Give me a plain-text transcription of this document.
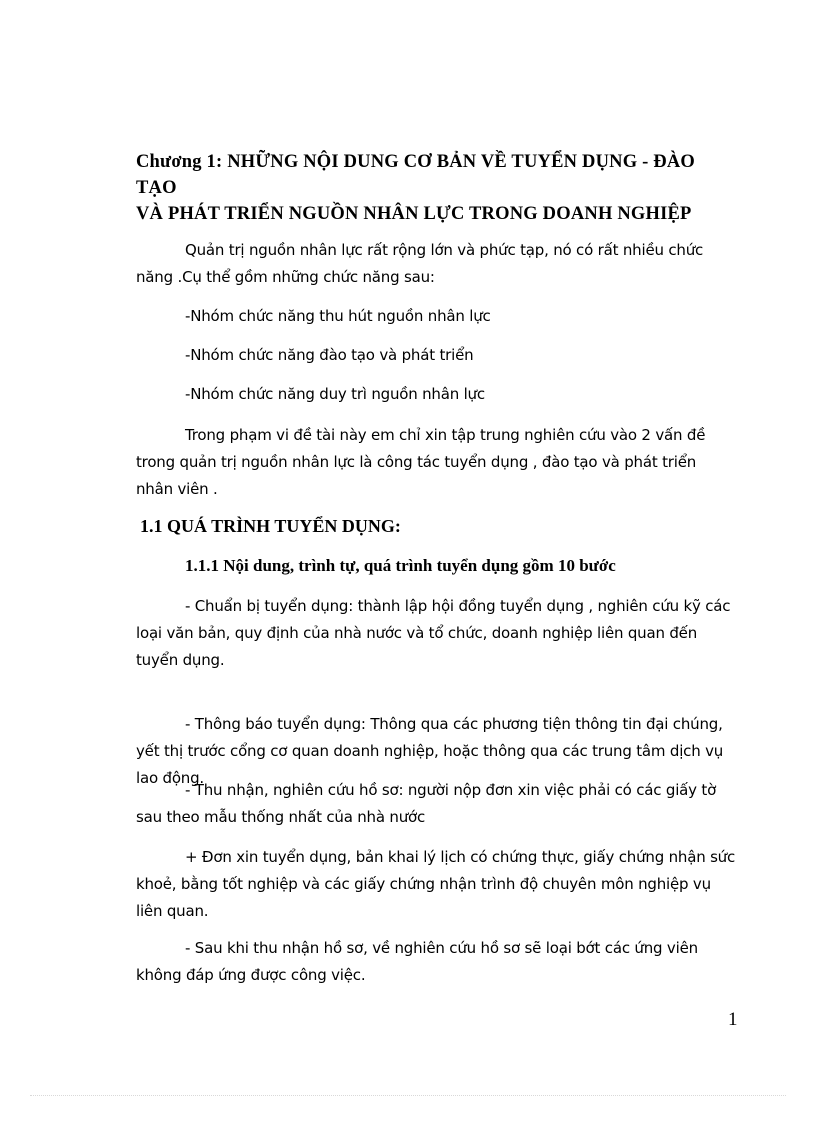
Chương 1: NHỮNG NỘI DUNG CƠ BẢN VỀ TUYỂN DỤNG - ĐÀO TẠO
VÀ PHÁT TRIỂN NGUỒN NHÂN LỰC TRONG DOANH NGHIỆP

Quản trị nguồn nhân lực rất rộng lớn và phức tạp, nó có rất nhiều chức năng .Cụ thể gồm những chức năng sau:

-Nhóm chức năng thu hút nguồn nhân lực
-Nhóm chức năng đào tạo và phát triển
-Nhóm chức năng duy trì nguồn nhân lực

Trong phạm vi đề tài này em chỉ xin tập trung nghiên cứu vào 2 vấn đề trong quản trị nguồn nhân lực là công tác tuyển dụng , đào tạo và phát triển nhân viên .

1.1 QUÁ TRÌNH TUYỂN DỤNG:
1.1.1 Nội dung, trình tự, quá trình tuyển dụng gồm 10 bước

- Chuẩn bị tuyển dụng: thành lập hội đồng tuyển dụng , nghiên cứu kỹ các loại văn bản, quy định của nhà nước và tổ chức, doanh nghiệp liên quan đến tuyển dụng.

- Thông báo tuyển dụng: Thông qua các phương tiện thông tin đại chúng, yết thị trước cổng cơ quan doanh nghiệp, hoặc thông qua các trung tâm dịch vụ lao động.

- Thu nhận, nghiên cứu hồ sơ: người nộp đơn xin việc phải có các giấy tờ sau theo mẫu thống nhất của nhà nước

+ Đơn xin tuyển dụng, bản khai lý lịch có chứng thực, giấy chứng nhận sức khoẻ, bằng tốt nghiệp và các giấy chứng nhận trình độ chuyên môn nghiệp vụ liên quan.

- Sau khi thu nhận hồ sơ, về nghiên cứu hồ sơ sẽ loại bớt các ứng viên không đáp ứng được công việc.

1
